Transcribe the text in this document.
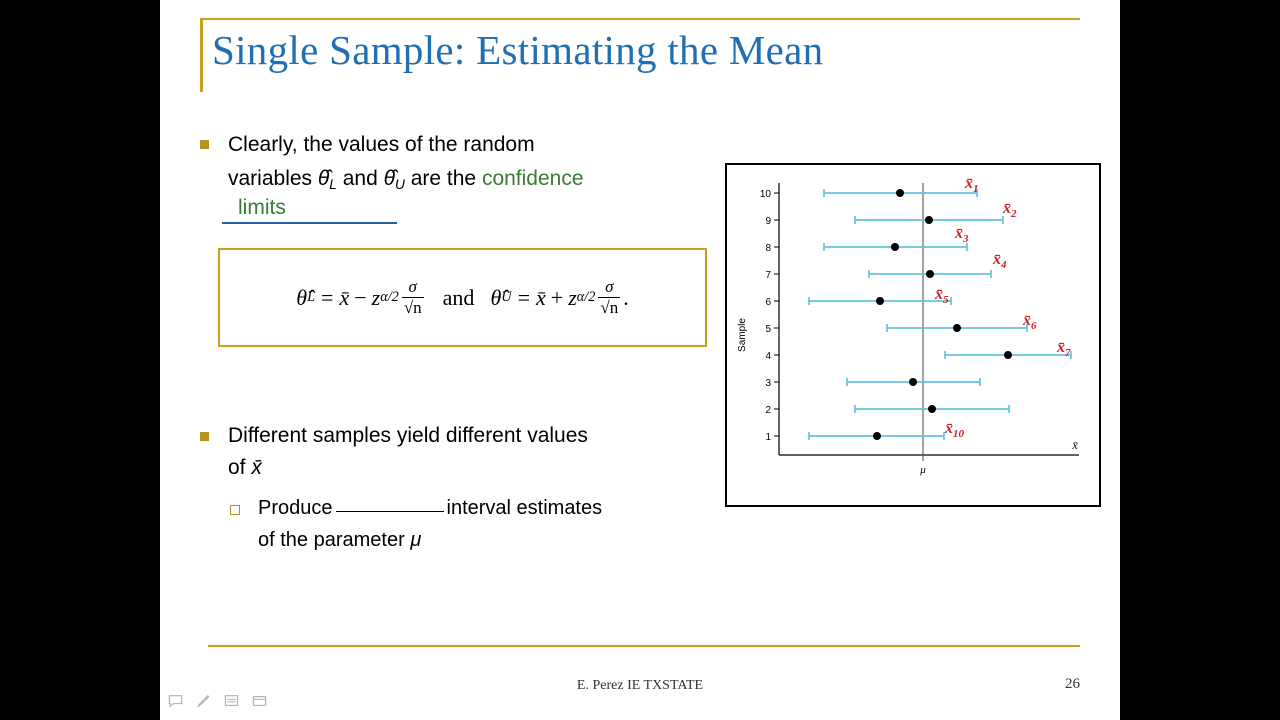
Single Sample: Estimating the Mean
Clearly, the values of the random
variables $\thetâ_L$ and $\thetâ_U$ are the confidence
limits
θ̂ L = x̄ − z $\alpha/2 \frac{\sigma}{√n}$ and θ̂ U = x̄ + z $\alpha/2 \frac{\sigma}{√n}$ .
Different samples yield different values
of x̄
Produce	interval estimates
of the parameter μ
10
9
8
7
6
5
4
3
2
1
Sample
$x̄_1$
$x̄_2$
$x̄_3$
$x̄_4$
$x̄_5$
$x̄_6$
$x̄_7$
$x̄_{10}$
μ
x̄
E. Perez IE TXSTATE	26
